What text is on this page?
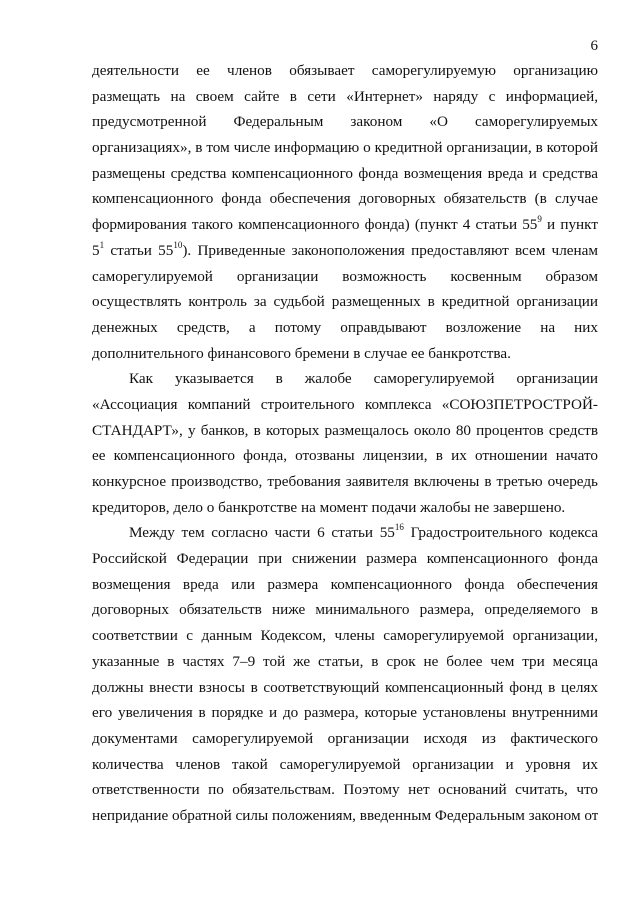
6
деятельности ее членов обязывает саморегулируемую организацию
размещать на своем сайте в сети «Интернет» наряду с информацией,
предусмотренной Федеральным законом «О саморегулируемых
организациях», в том числе информацию о кредитной организации, в которой
размещены средства компенсационного фонда возмещения вреда и средства
компенсационного фонда обеспечения договорных обязательств (в случае
формирования такого компенсационного фонда) (пункт 4 статьи $55^9$ и пункт
$5^1$ статьи $55^{10}$). Приведенные законоположения предоставляют всем членам
саморегулируемой организации возможность косвенным образом
осуществлять контроль за судьбой размещенных в кредитной организации
денежных средств, а потому оправдывают возложение на них
дополнительного финансового бремени в случае ее банкротства.
Как указывается в жалобе саморегулируемой организации
«Ассоциация компаний строительного комплекса «СОЮЗПЕТРОСТРОЙ-
СТАНДАРТ», у банков, в которых размещалось около 80 процентов средств
ее компенсационного фонда, отозваны лицензии, в их отношении начато
конкурсное производство, требования заявителя включены в третью очередь
кредиторов, дело о банкротстве на момент подачи жалобы не завершено.
Между тем согласно части 6 статьи $55^{16}$ Градостроительного кодекса
Российской Федерации при снижении размера компенсационного фонда
возмещения вреда или размера компенсационного фонда обеспечения
договорных обязательств ниже минимального размера, определяемого в
соответствии с данным Кодексом, члены саморегулируемой организации,
указанные в частях 7–9 той же статьи, в срок не более чем три месяца
должны внести взносы в соответствующий компенсационный фонд в целях
его увеличения в порядке и до размера, которые установлены внутренними
документами саморегулируемой организации исходя из фактического
количества членов такой саморегулируемой организации и уровня их
ответственности по обязательствам. Поэтому нет оснований считать, что
непридание обратной силы положениям, введенным Федеральным законом от
